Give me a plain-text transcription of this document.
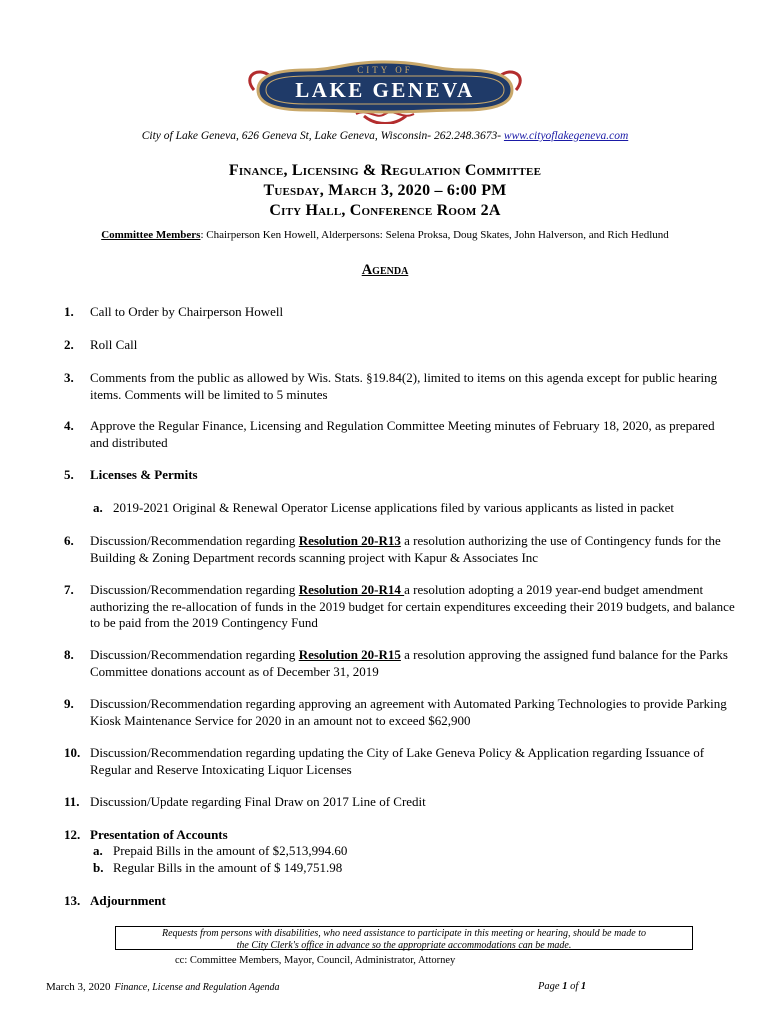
CITY OF
LAKE GENEVA
City of Lake Geneva, 626 Geneva St, Lake Geneva, Wisconsin- 262.248.3673- www.cityoflakegeneva.com
Finance, Licensing & Regulation Committee
Tuesday, March 3, 2020 – 6:00 PM
City Hall, Conference Room 2A
Committee Members: Chairperson Ken Howell, Alderpersons: Selena Proksa, Doug Skates, John Halverson, and Rich Hedlund
Agenda
1. Call to Order by Chairperson Howell
2. Roll Call
3. Comments from the public as allowed by Wis. Stats. §19.84(2), limited to items on this agenda except for public hearing items. Comments will be limited to 5 minutes
4. Approve the Regular Finance, Licensing and Regulation Committee Meeting minutes of February 18, 2020, as prepared and distributed
5. Licenses & Permits
a. 2019-2021 Original & Renewal Operator License applications filed by various applicants as listed in packet
6. Discussion/Recommendation regarding Resolution 20-R13 a resolution authorizing the use of Contingency funds for the Building & Zoning Department records scanning project with Kapur & Associates Inc
7. Discussion/Recommendation regarding Resolution 20-R14 a resolution adopting a 2019 year-end budget amendment authorizing the re-allocation of funds in the 2019 budget for certain expenditures exceeding their 2019 budgets, and balance to be paid from the 2019 Contingency Fund
8. Discussion/Recommendation regarding Resolution 20-R15 a resolution approving the assigned fund balance for the Parks Committee donations account as of December 31, 2019
9. Discussion/Recommendation regarding approving an agreement with Automated Parking Technologies to provide Parking Kiosk Maintenance Service for 2020 in an amount not to exceed $62,900
10. Discussion/Recommendation regarding updating the City of Lake Geneva Policy & Application regarding Issuance of Regular and Reserve Intoxicating Liquor Licenses
11. Discussion/Update regarding Final Draw on 2017 Line of Credit
12. Presentation of Accounts
a. Prepaid Bills in the amount of $2,513,994.60
b. Regular Bills in the amount of $ 149,751.98
13. Adjournment
Requests from persons with disabilities, who need assistance to participate in this meeting or hearing, should be made to
the City Clerk's office in advance so the appropriate accommodations can be made.
cc: Committee Members, Mayor, Council, Administrator, Attorney
March 3, 2020 Finance, License and Regulation Agenda	Page 1 of 1
